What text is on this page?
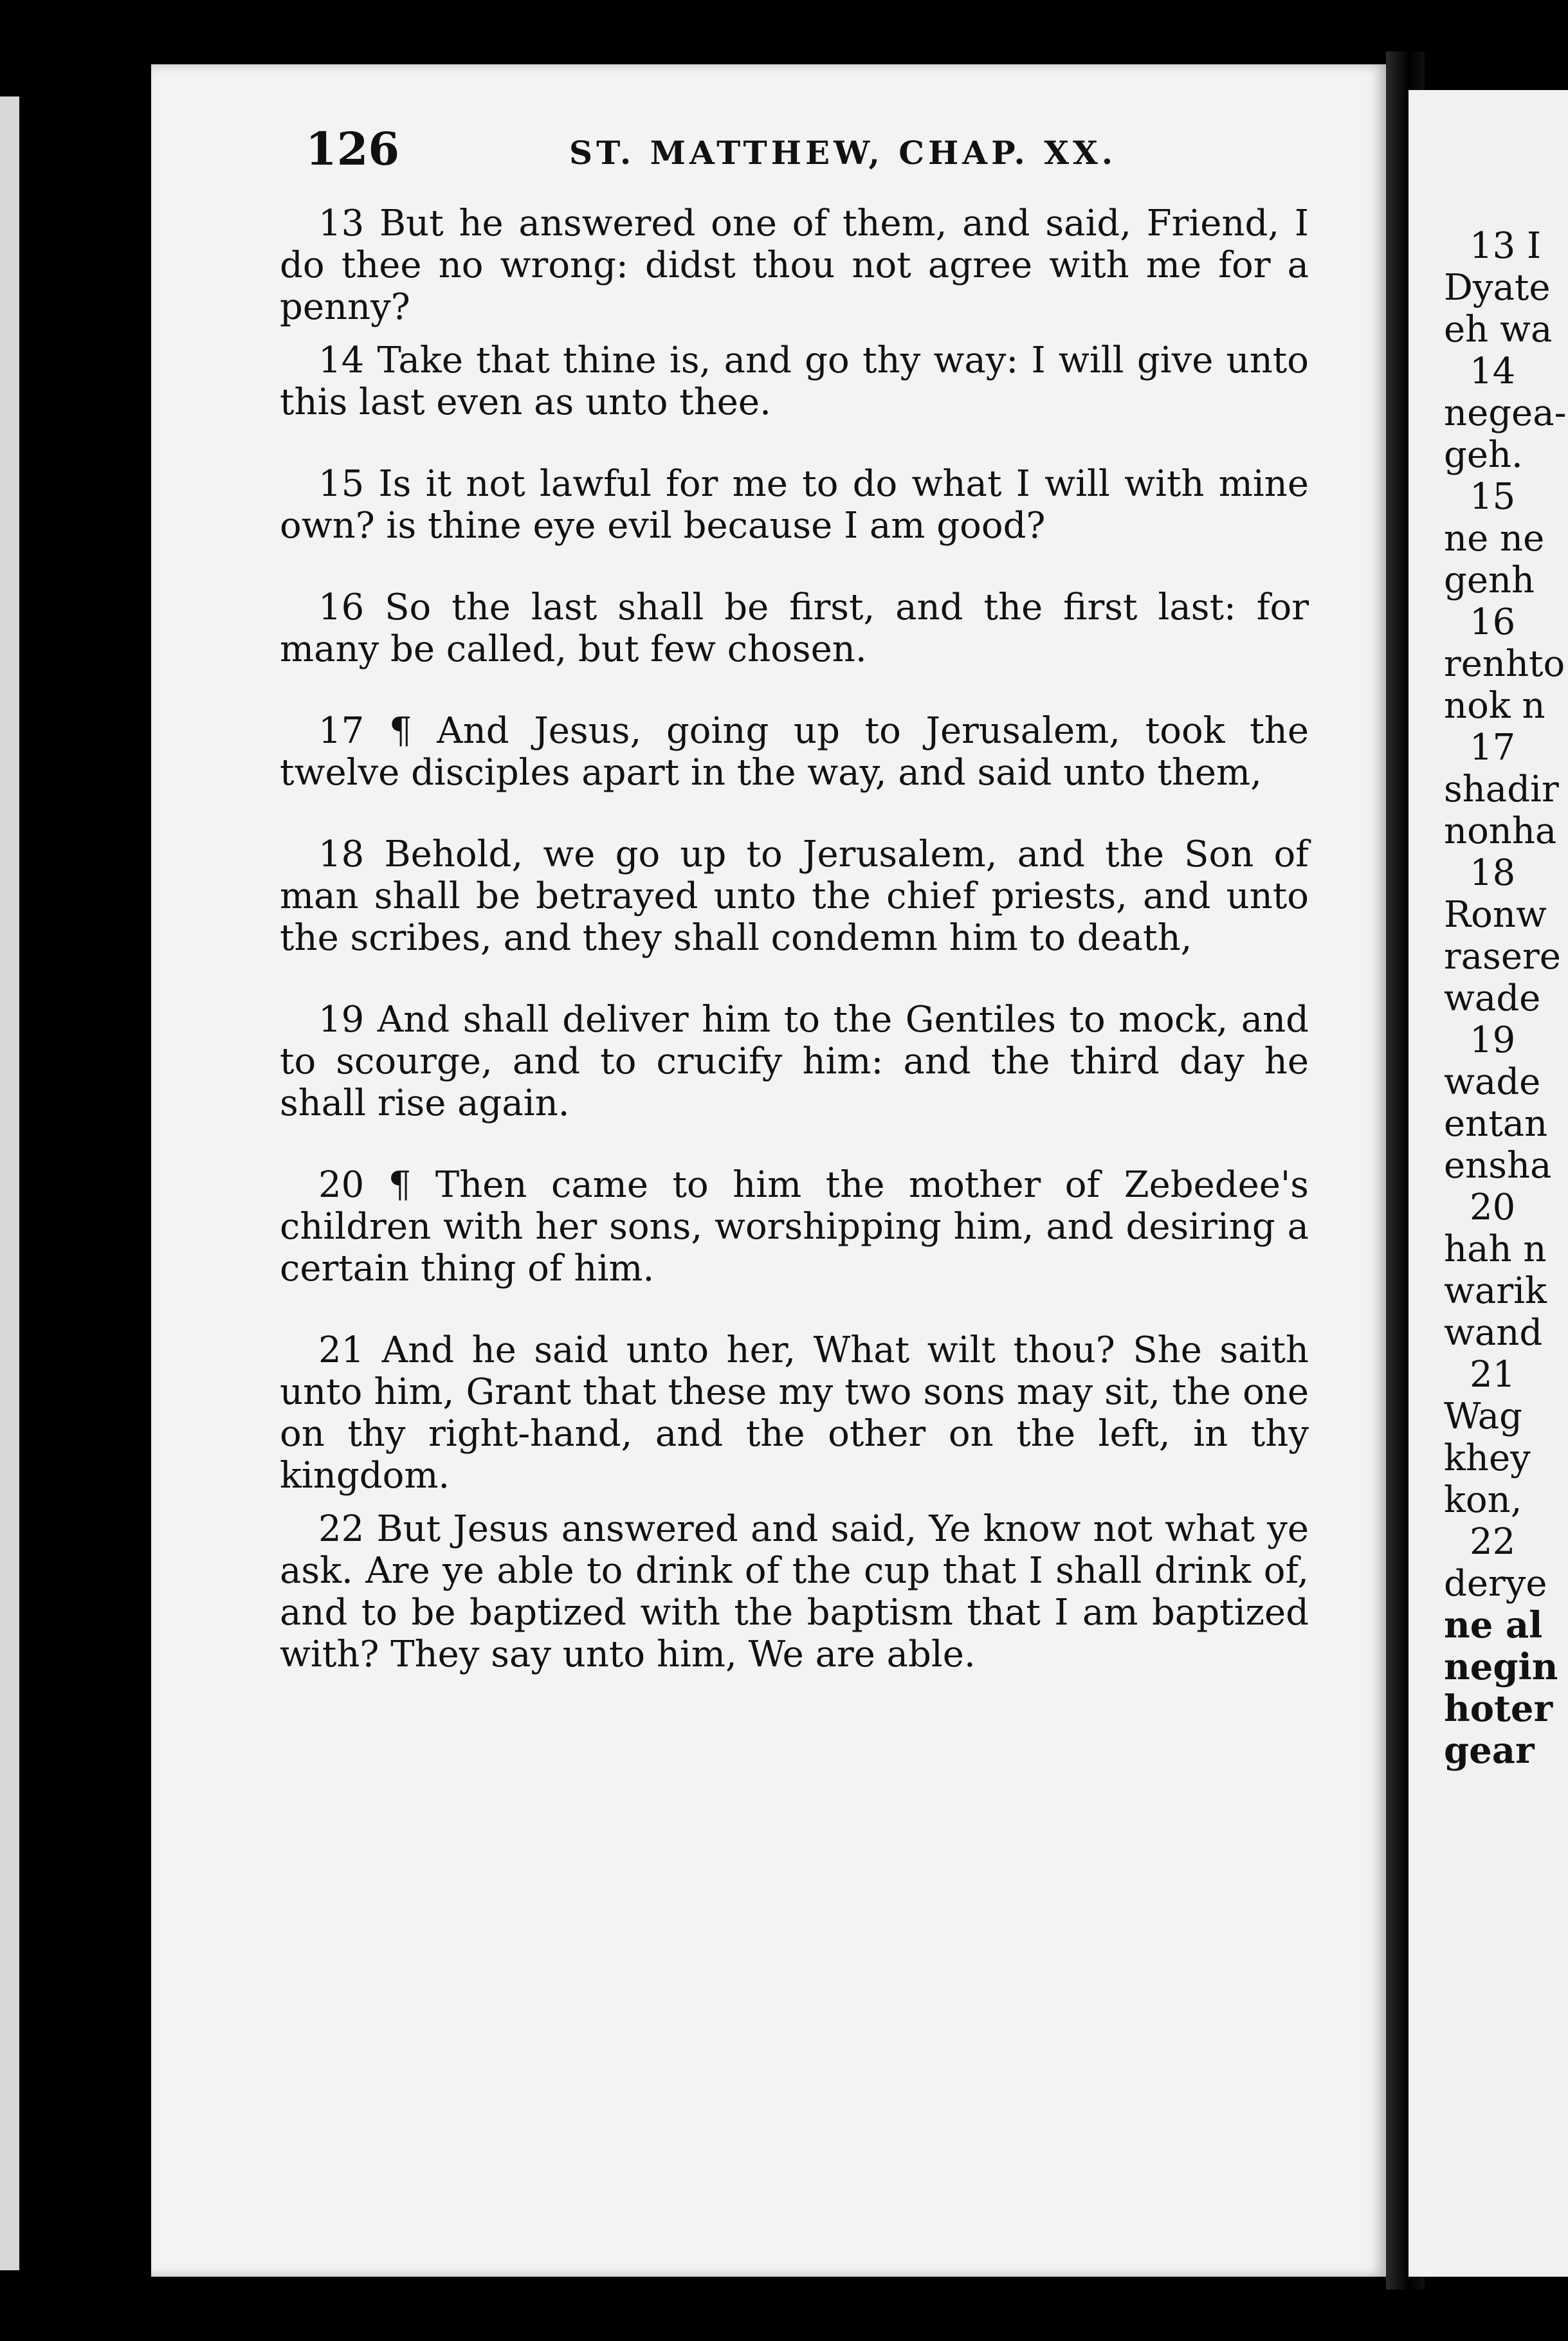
126	ST. MATTHEW, CHAP. XX.

13 But he answered one of them, and said, Friend, I do thee no wrong: didst thou not agree with me for a penny?

14 Take that thine is, and go thy way: I will give unto this last even as unto thee.

15 Is it not lawful for me to do what I will with mine own? is thine eye evil because I am good?

16 So the last shall be first, and the first last: for many be called, but few chosen.

17 ¶ And Jesus, going up to Jerusalem, took the twelve disciples apart in the way, and said unto them,

18 Behold, we go up to Jerusalem, and the Son of man shall be betrayed unto the chief priests, and unto the scribes, and they shall condemn him to death,

19 And shall deliver him to the Gentiles to mock, and to scourge, and to crucify him: and the third day he shall rise again.

20 ¶ Then came to him the mother of Zebedee's children with her sons, worshipping him, and desiring a certain thing of him.

21 And he said unto her, What wilt thou? She saith unto him, Grant that these my two sons may sit, the one on thy right-hand, and the other on the left, in thy kingdom.

22 But Jesus answered and said, Ye know not what ye ask. Are ye able to drink of the cup that I shall drink of, and to be baptized with the baptism that I am baptized with? They say unto him, We are able.

13 I
Dyate
eh wa
14
negea-
geh.
15
ne ne
genh
16
renhto
nok n
17
shadir
nonha
18
Ronw
rasere
wade
19
wade
entan
ensha
20
hah n
warik
wand
21
Wag
khey
kon,
22
derye
ne al
negin
hoter
gear
